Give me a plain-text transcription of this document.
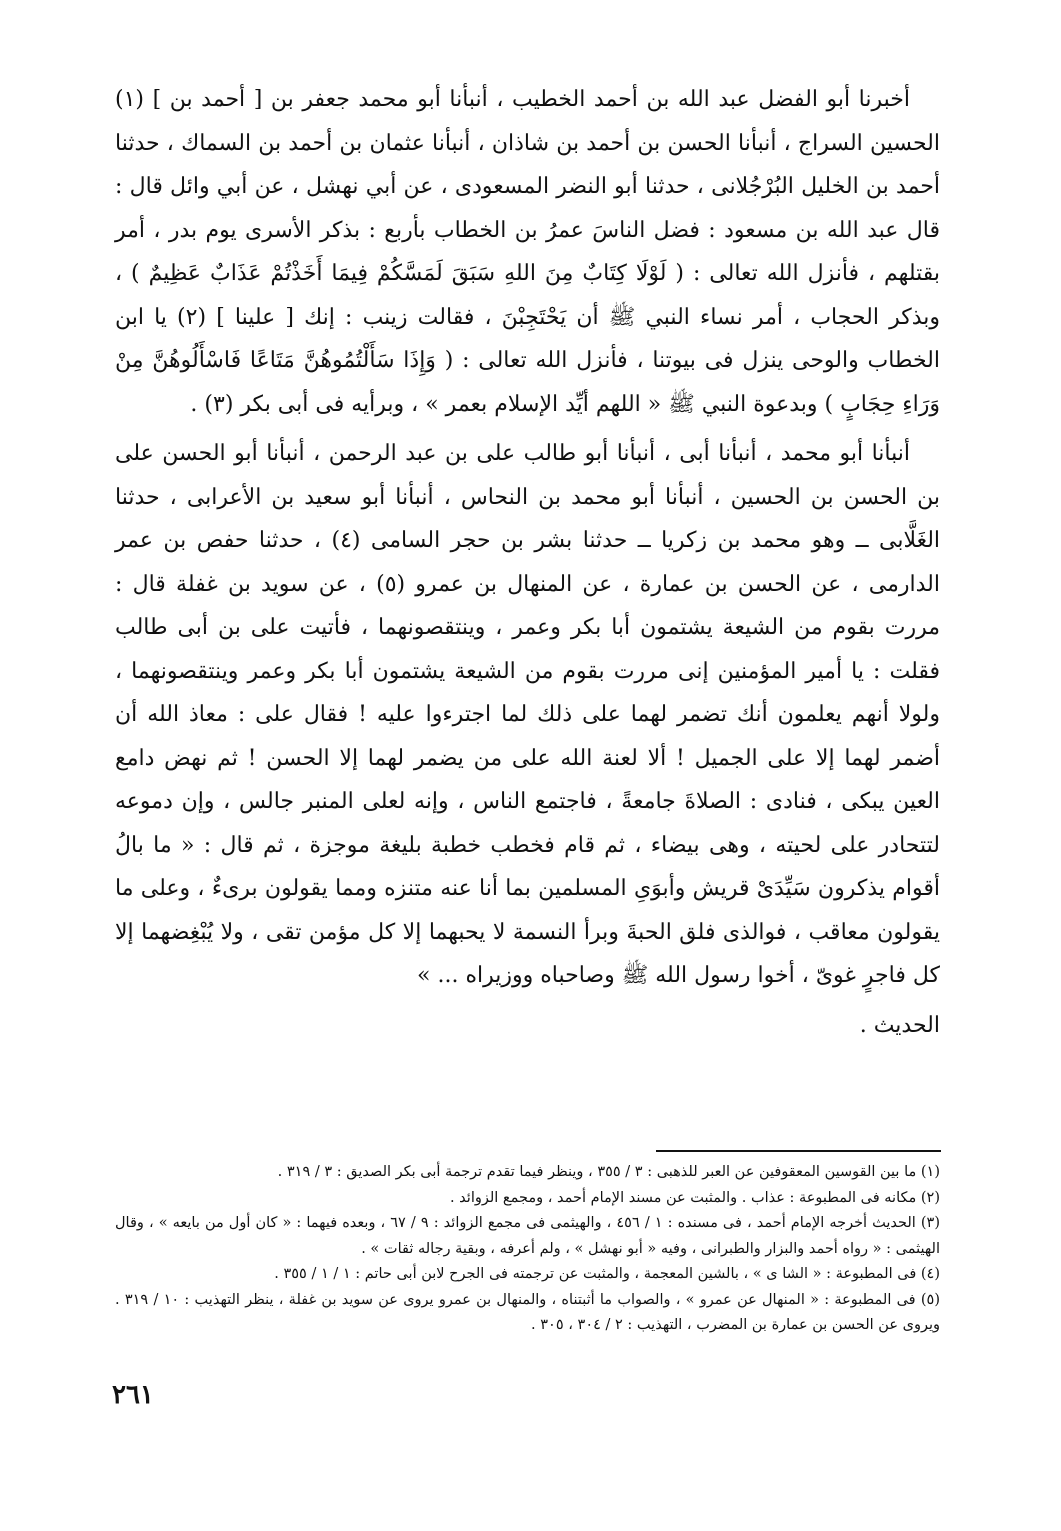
أخبرنا أبو الفضل عبد الله بن أحمد الخطيب ، أنبأنا أبو محمد جعفر بن [ أحمد بن ] (١) الحسين السراج ، أنبأنا الحسن بن أحمد بن شاذان ، أنبأنا عثمان بن أحمد بن السماك ، حدثنا أحمد بن الخليل البُرْجُلانى ، حدثنا أبو النضر المسعودى ، عن أبي نهشل ، عن أبي وائل قال : قال عبد الله بن مسعود : فضل الناسَ عمرُ بن الخطاب بأربع : بذكر الأسرى يوم بدر ، أمر بقتلهم ، فأنزل الله تعالى : ( لَوْلَا كِتَابٌ مِنَ اللهِ سَبَقَ لَمَسَّكُمْ فِيمَا أَخَذْتُمْ عَذَابٌ عَظِيمٌ ) ، وبذكر الحجاب ، أمر نساء النبي ﷺ أن يَحْتَجِبْنَ ، فقالت زينب : إنك [ علينا ] (٢) يا ابن الخطاب والوحى ينزل فى بيوتنا ، فأنزل الله تعالى : ( وَإِذَا سَأَلْتُمُوهُنَّ مَتَاعًا فَاسْأَلُوهُنَّ مِنْ وَرَاءِ حِجَابٍ ) وبدعوة النبي ﷺ « اللهم أيِّد الإسلام بعمر » ، وبرأيه فى أبى بكر (٣) .

أنبأنا أبو محمد ، أنبأنا أبى ، أنبأنا أبو طالب على بن عبد الرحمن ، أنبأنا أبو الحسن على بن الحسن بن الحسين ، أنبأنا أبو محمد بن النحاس ، أنبأنا أبو سعيد بن الأعرابى ، حدثنا الغَلَّابى ــ وهو محمد بن زكريا ــ حدثنا بشر بن حجر السامى (٤) ، حدثنا حفص بن عمر الدارمى ، عن الحسن بن عمارة ، عن المنهال بن عمرو (٥) ، عن سويد بن غفلة قال : مررت بقوم من الشيعة يشتمون أبا بكر وعمر ، وينتقصونهما ، فأتيت على بن أبى طالب فقلت : يا أمير المؤمنين إنى مررت بقوم من الشيعة يشتمون أبا بكر وعمر وينتقصونهما ، ولولا أنهم يعلمون أنك تضمر لهما على ذلك لما اجترءوا عليه ! فقال على : معاذ الله أن أضمر لهما إلا على الجميل ! ألا لعنة الله على من يضمر لهما إلا الحسن ! ثم نهض دامع العين يبكى ، فنادى : الصلاةَ جامعةً ، فاجتمع الناس ، وإنه لعلى المنبر جالس ، وإن دموعه لتتحادر على لحيته ، وهى بيضاء ، ثم قام فخطب خطبة بليغة موجزة ، ثم قال : « ما بالُ أقوام يذكرون سَيِّدَىْ قريش وأبوَىِ المسلمين بما أنا عنه متنزه ومما يقولون برىءٌ ، وعلى ما يقولون معاقب ، فوالذى فلق الحبةَ وبرأ النسمة لا يحبهما إلا كل مؤمن تقى ، ولا يُبْغِضهما إلا كل فاجرٍ غوىّ ، أخوا رسول الله ﷺ وصاحباه ووزيراه ... »

الحديث .

(١) ما بين القوسين المعقوفين عن العبر للذهبى : ٣ / ٣٥٥ ، وينظر فيما تقدم ترجمة أبى بكر الصديق : ٣ / ٣١٩ .

(٢) مكانه فى المطبوعة : عذاب . والمثبت عن مسند الإمام أحمد ، ومجمع الزوائد .

(٣) الحديث أخرجه الإمام أحمد ، فى مسنده : ١ / ٤٥٦ ، والهيثمى فى مجمع الزوائد : ٩ / ٦٧ ، وبعده فيهما : « كان أول من بايعه » ، وقال الهيثمى : « رواه أحمد والبزار والطبرانى ، وفيه « أبو نهشل » ، ولم أعرفه ، وبقية رجاله ثقات » .

(٤) فى المطبوعة : « الشا ى » ، بالشين المعجمة ، والمثبت عن ترجمته فى الجرح لابن أبى حاتم : ١ / ١ / ٣٥٥ .

(٥) فى المطبوعة : « المنهال عن عمرو » ، والصواب ما أثبتناه ، والمنهال بن عمرو يروى عن سويد بن غفلة ، ينظر التهذيب : ١٠ / ٣١٩ . ويروى عن الحسن بن عمارة بن المضرب ، التهذيب : ٢ / ٣٠٤ ، ٣٠٥ .

٢٦١
